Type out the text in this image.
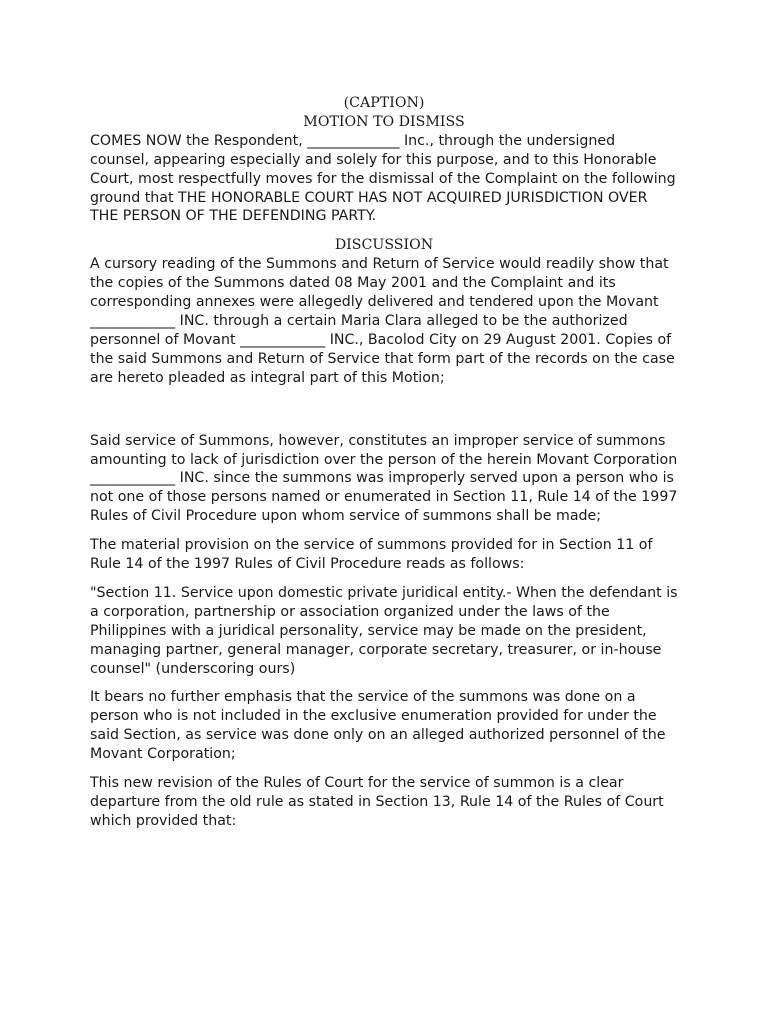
(CAPTION)
MOTION TO DISMISS

COMES NOW the Respondent, _____________ Inc., through the undersigned counsel, appearing especially and solely for this purpose, and to this Honorable Court, most respectfully moves for the dismissal of the Complaint on the following ground that THE HONORABLE COURT HAS NOT ACQUIRED JURISDICTION OVER THE PERSON OF THE DEFENDING PARTY.

DISCUSSION

A cursory reading of the Summons and Return of Service would readily show that the copies of the Summons dated 08 May 2001 and the Complaint and its corresponding annexes were allegedly delivered and tendered upon the Movant ____________ INC. through a certain Maria Clara alleged to be the authorized personnel of Movant ____________ INC., Bacolod City on 29 August 2001. Copies of the said Summons and Return of Service that form part of the records on the case are hereto pleaded as integral part of this Motion;

Said service of Summons, however, constitutes an improper service of summons amounting to lack of jurisdiction over the person of the herein Movant Corporation ____________ INC. since the summons was improperly served upon a person who is not one of those persons named or enumerated in Section 11, Rule 14 of the 1997 Rules of Civil Procedure upon whom service of summons shall be made;

The material provision on the service of summons provided for in Section 11 of Rule 14 of the 1997 Rules of Civil Procedure reads as follows:

"Section 11. Service upon domestic private juridical entity.- When the defendant is a corporation, partnership or association organized under the laws of the Philippines with a juridical personality, service may be made on the president, managing partner, general manager, corporate secretary, treasurer, or in-house counsel" (underscoring ours)

It bears no further emphasis that the service of the summons was done on a person who is not included in the exclusive enumeration provided for under the said Section, as service was done only on an alleged authorized personnel of the Movant Corporation;

This new revision of the Rules of Court for the service of summon is a clear departure from the old rule as stated in Section 13, Rule 14 of the Rules of Court which provided that:
